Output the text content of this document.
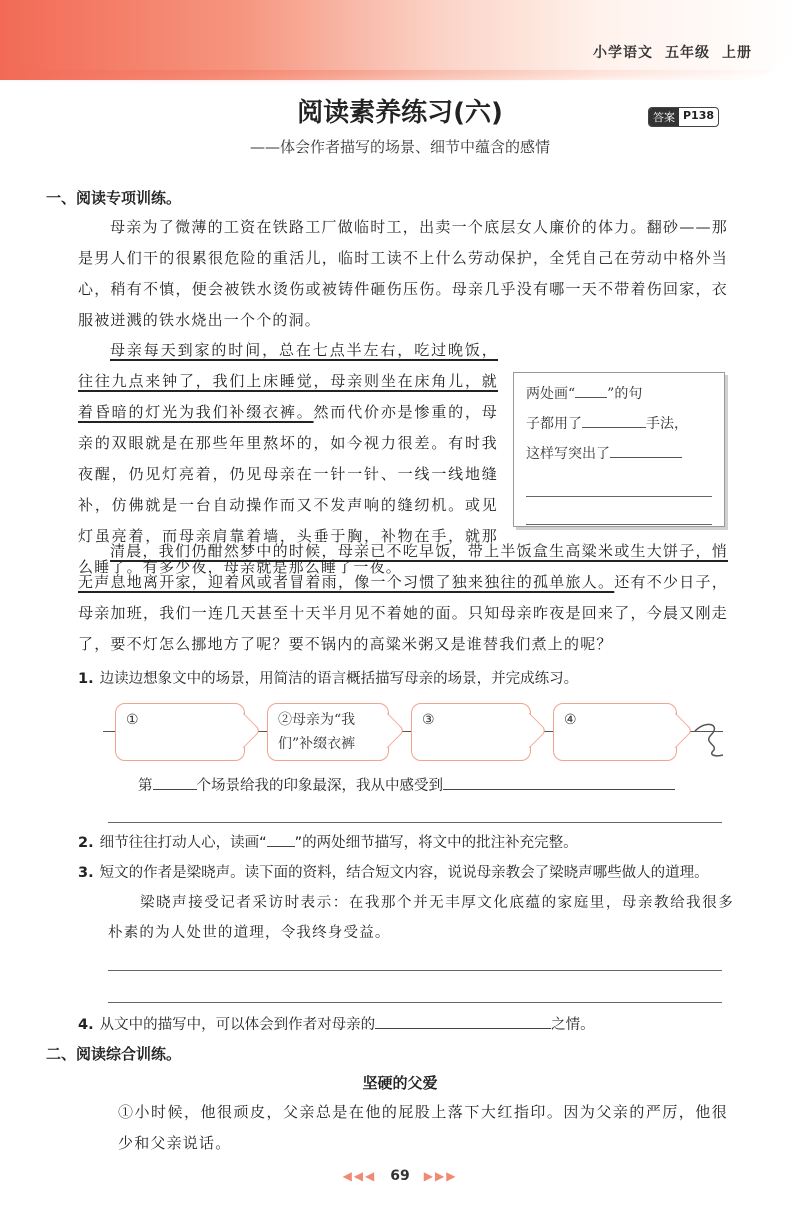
小学语文 五年级 上册
阅读素养练习(六)	答案 P138
——体会作者描写的场景、细节中蕴含的感情
一、阅读专项训练。
母亲为了微薄的工资在铁路工厂做临时工，出卖一个底层女人廉价的体力。翻砂——那是男人们干的很累很危险的重活儿，临时工读不上什么劳动保护，全凭自己在劳动中格外当心，稍有不慎，便会被铁水烫伤或被铸件砸伤压伤。母亲几乎没有哪一天不带着伤回家，衣服被迸溅的铁水烧出一个个的洞。
母亲每天到家的时间，总在七点半左右，吃过晚饭，往往九点来钟了，我们上床睡觉，母亲则坐在床角儿，就着昏暗的灯光为我们补缀衣裤。然而代价亦是惨重的，母亲的双眼就是在那些年里熬坏的，如今视力很差。有时我夜醒，仍见灯亮着，仍见母亲在一针一针、一线一线地缝补，仿佛就是一台自动操作而又不发声响的缝纫机。或见灯虽亮着，而母亲肩靠着墙，头垂于胸，补物在手，就那么睡了。有多少夜，母亲就是那么睡了一夜。
两处画“ ”的句
子都用了	手法，
这样写突出了
清晨，我们仍酣然梦中的时候，母亲已不吃早饭，带上半饭盒生高粱米或生大饼子，悄无声息地离开家，迎着风或者冒着雨，像一个习惯了独来独往的孤单旅人。还有不少日子，母亲加班，我们一连几天甚至十天半月见不着她的面。只知母亲昨夜是回来了，今晨又刚走了，要不灯怎么挪地方了呢？要不锅内的高粱米粥又是谁替我们煮上的呢？
1. 边读边想象文中的场景，用简洁的语言概括描写母亲的场景，并完成练习。
①	②母亲为“我们”补缀衣裤
③	④
第	个场景给我的印象最深，我从中感受到
2. 细节往往打动人心，读画“ ”的两处细节描写，将文中的批注补充完整。
3. 短文的作者是梁晓声。读下面的资料，结合短文内容，说说母亲教会了梁晓声哪些做人的道理。
梁晓声接受记者采访时表示：在我那个并无丰厚文化底蕴的家庭里，母亲教给我很多朴素的为人处世的道理，令我终身受益。
4. 从文中的描写中，可以体会到作者对母亲的	之情。
二、阅读综合训练。
坚硬的父爱
①小时候，他很顽皮，父亲总是在他的屁股上落下大红指印。因为父亲的严厉，他很少和父亲说话。
◀◀◀ 69 ▶▶▶
